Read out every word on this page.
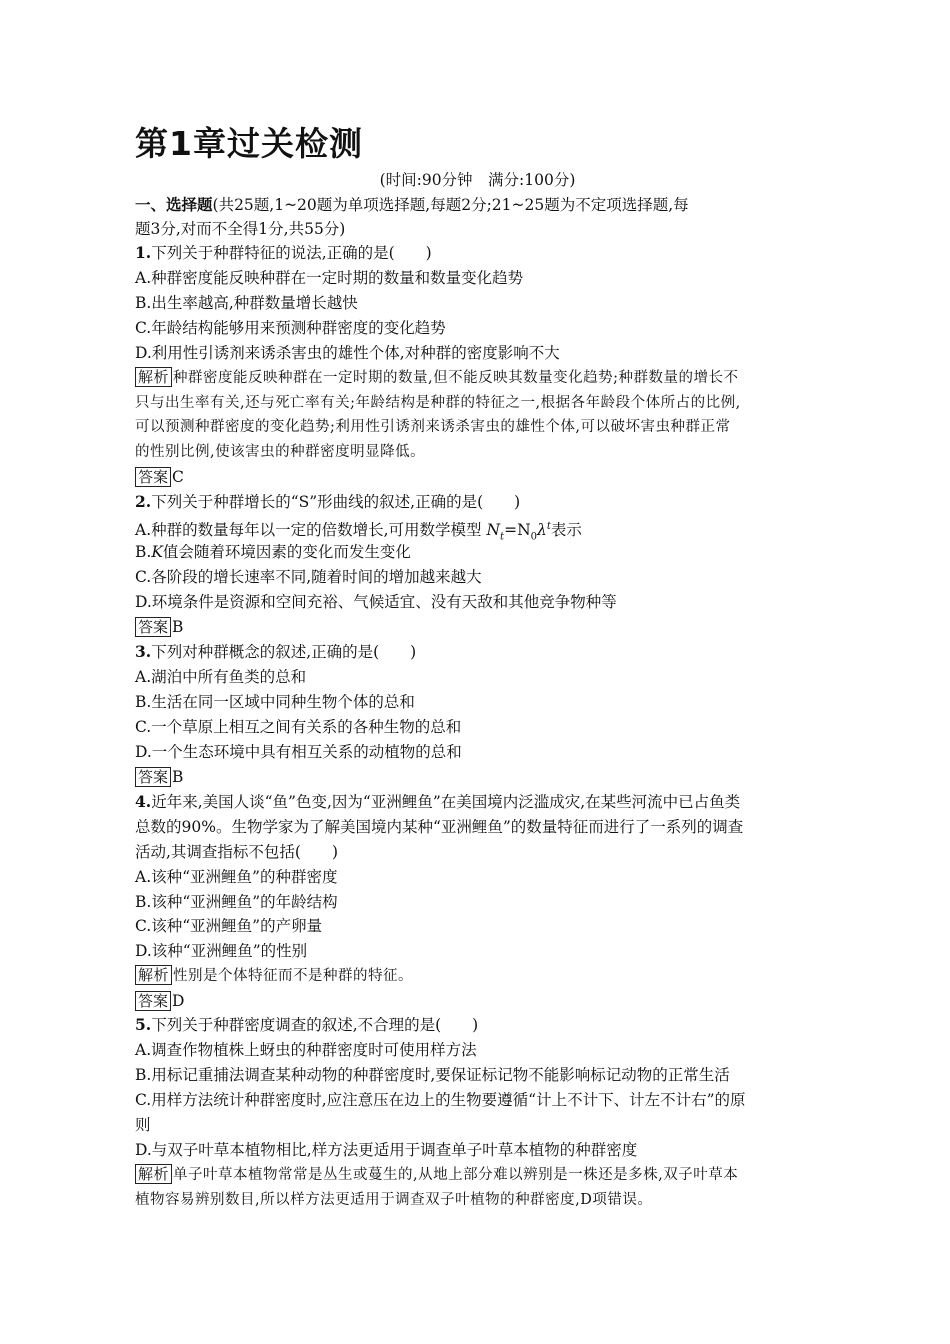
第1章过关检测
(时间:90分钟　满分:100分)
一、选择题(共25题,1~20题为单项选择题,每题2分;21~25题为不定项选择题,每
题3分,对而不全得1分,共55分)
1.下列关于种群特征的说法,正确的是(　　)
A.种群密度能反映种群在一定时期的数量和数量变化趋势
B.出生率越高,种群数量增长越快
C.年龄结构能够用来预测种群密度的变化趋势
D.利用性引诱剂来诱杀害虫的雄性个体,对种群的密度影响不大
解析 种群密度能反映种群在一定时期的数量,但不能反映其数量变化趋势;种群数量的增长不
只与出生率有关,还与死亡率有关;年龄结构是种群的特征之一,根据各年龄段个体所占的比例,
可以预测种群密度的变化趋势;利用性引诱剂来诱杀害虫的雄性个体,可以破坏害虫种群正常
的性别比例,使该害虫的种群密度明显降低。
答案 C
2.下列关于种群增长的“S”形曲线的叙述,正确的是(　　)
A.种群的数量每年以一定的倍数增长,可用数学模型 $N_t=N_0\lambda^t$表示
B.K值会随着环境因素的变化而发生变化
C.各阶段的增长速率不同,随着时间的增加越来越大
D.环境条件是资源和空间充裕、气候适宜、没有天敌和其他竞争物种等
答案 B
3.下列对种群概念的叙述,正确的是(　　)
A.湖泊中所有鱼类的总和
B.生活在同一区域中同种生物个体的总和
C.一个草原上相互之间有关系的各种生物的总和
D.一个生态环境中具有相互关系的动植物的总和
答案 B
4.近年来,美国人谈“鱼”色变,因为“亚洲鲤鱼”在美国境内泛滥成灾,在某些河流中已占鱼类
总数的90%。生物学家为了解美国境内某种“亚洲鲤鱼”的数量特征而进行了一系列的调查
活动,其调查指标不包括(　　)
A.该种“亚洲鲤鱼”的种群密度
B.该种“亚洲鲤鱼”的年龄结构
C.该种“亚洲鲤鱼”的产卵量
D.该种“亚洲鲤鱼”的性别
解析 性别是个体特征而不是种群的特征。
答案 D
5.下列关于种群密度调查的叙述,不合理的是(　　)
A.调查作物植株上蚜虫的种群密度时可使用样方法
B.用标记重捕法调查某种动物的种群密度时,要保证标记物不能影响标记动物的正常生活
C.用样方法统计种群密度时,应注意压在边上的生物要遵循“计上不计下、计左不计右”的原
则
D.与双子叶草本植物相比,样方法更适用于调查单子叶草本植物的种群密度
解析 单子叶草本植物常常是丛生或蔓生的,从地上部分难以辨别是一株还是多株,双子叶草本
植物容易辨别数目,所以样方法更适用于调查双子叶植物的种群密度,D项错误。
